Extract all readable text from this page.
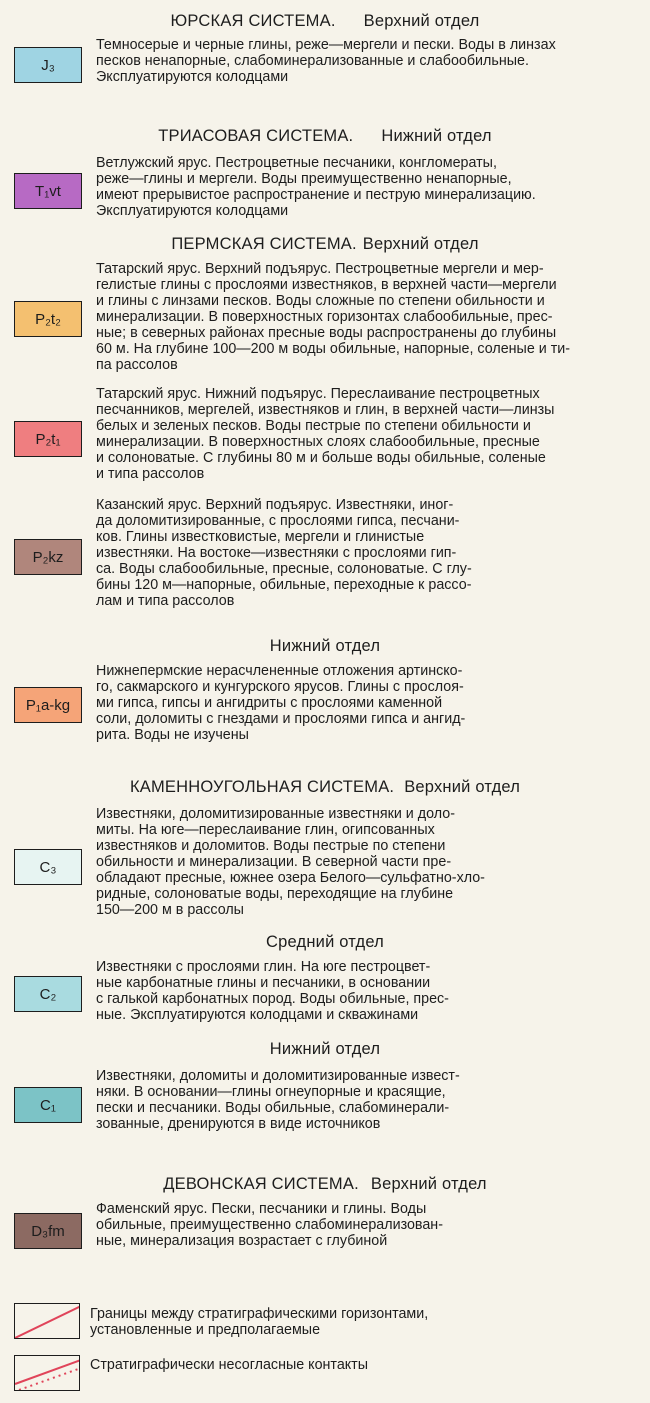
ЮРСКАЯ СИСТЕМА. Верхний отдел
ТРИАСОВАЯ СИСТЕМА. Нижний отдел
ПЕРМСКАЯ СИСТЕМА. Верхний отдел
Нижний отдел
КАМЕННОУГОЛЬНАЯ СИСТЕМА. Верхний отдел
Средний отдел
Нижний отдел
ДЕВОНСКАЯ СИСТЕМА. Верхний отдел
J₃
Темносерые и черные глины, реже—мергели и пески. Воды в линзах
песков ненапорные, слабоминерализованные и слабообильные.
Эксплуатируются колодцами
T₁vt
Ветлужский ярус. Пестроцветные песчаники, конгломераты,
реже—глины и мергели. Воды преимущественно ненапорные,
имеют прерывистое распространение и пеструю минерализацию.
Эксплуатируются колодцами
P₂t₂
Татарский ярус. Верхний подъярус. Пестроцветные мергели и мер-
гелистые глины с прослоями известняков, в верхней части—мергели
и глины с линзами песков. Воды сложные по степени обильности и
минерализации. В поверхностных горизонтах слабообильные, прес-
ные; в северных районах пресные воды распространены до глубины
60 м. На глубине 100—200 м воды обильные, напорные, соленые и ти-
па рассолов
P₂t₁
Татарский ярус. Нижний подъярус. Переслаивание пестроцветных
песчанников, мергелей, известняков и глин, в верхней части—линзы
белых и зеленых песков. Воды пестрые по степени обильности и
минерализации. В поверхностных слоях слабообильные, пресные
и солоноватые. С глубины 80 м и больше воды обильные, соленые
и типа рассолов
P₂kz
Казанский ярус. Верхний подъярус. Известняки, иног-
да доломитизированные, с прослоями гипса, песчани-
ков. Глины известковистые, мергели и глинистые
известняки. На востоке—известняки с прослоями гип-
са. Воды слабообильные, пресные, солоноватые. С глу-
бины 120 м—напорные, обильные, переходные к рассо-
лам и типа рассолов
P₁a-kg
Нижнепермские нерасчлененные отложения артинско-
го, сакмарского и кунгурского ярусов. Глины с прослоя-
ми гипса, гипсы и ангидриты с прослоями каменной
соли, доломиты с гнездами и прослоями гипса и ангид-
рита. Воды не изучены
C₃
Известняки, доломитизированные известняки и доло-
миты. На юге—переслаивание глин, огипсованных
известняков и доломитов. Воды пестрые по степени
обильности и минерализации. В северной части пре-
обладают пресные, южнее озера Белого—сульфатно-хло-
ридные, солоноватые воды, переходящие на глубине
150—200 м в рассолы
C₂
Известняки с прослоями глин. На юге пестроцвет-
ные карбонатные глины и песчаники, в основании
с галькой карбонатных пород. Воды обильные, прес-
ные. Эксплуатируются колодцами и скважинами
C₁
Известняки, доломиты и доломитизированные извест-
няки. В основании—глины огнеупорные и красящие,
пески и песчаники. Воды обильные, слабоминерали-
зованные, дренируются в виде источников
D₃fm
Фаменский ярус. Пески, песчаники и глины. Воды
обильные, преимущественно слабоминерализован-
ные, минерализация возрастает с глубиной
Границы между стратиграфическими горизонтами,
установленные и предполагаемые
Стратиграфически несогласные контакты
